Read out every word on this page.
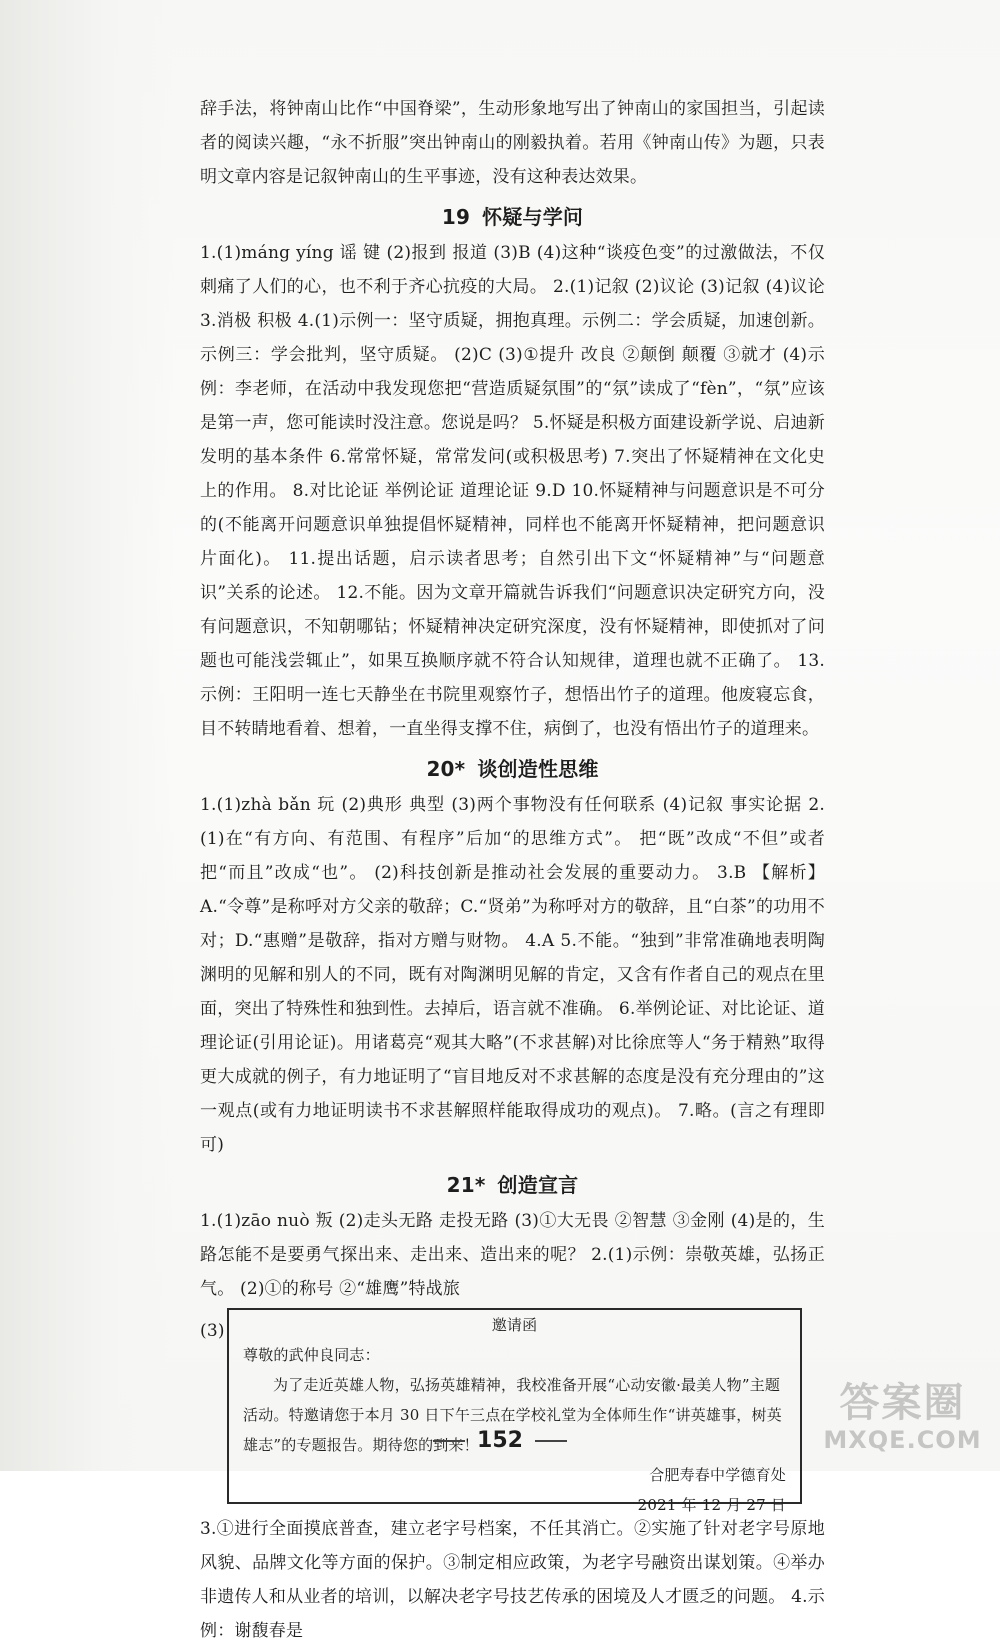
辞手法，将钟南山比作“中国脊梁”，生动形象地写出了钟南山的家国担当，引起读者的阅读兴趣，“永不折服”突出钟南山的刚毅执着。若用《钟南山传》为题，只表明文章内容是记叙钟南山的生平事迹，没有这种表达效果。

19 怀疑与学问

1.(1)máng yíng 谣 键 (2)报到 报道 (3)B (4)这种“谈疫色变”的过激做法，不仅刺痛了人们的心，也不利于齐心抗疫的大局。 2.(1)记叙 (2)议论 (3)记叙 (4)议论 3.消极 积极 4.(1)示例一：坚守质疑，拥抱真理。示例二：学会质疑，加速创新。示例三：学会批判，坚守质疑。 (2)C (3)①提升 改良 ②颠倒 颠覆 ③就才 (4)示例：李老师，在活动中我发现您把“营造质疑氛围”的“氛”读成了“fèn”，“氛”应该是第一声，您可能读时没注意。您说是吗？ 5.怀疑是积极方面建设新学说、启迪新发明的基本条件 6.常常怀疑，常常发问(或积极思考) 7.突出了怀疑精神在文化史上的作用。 8.对比论证 举例论证 道理论证 9.D 10.怀疑精神与问题意识是不可分的(不能离开问题意识单独提倡怀疑精神，同样也不能离开怀疑精神，把问题意识片面化)。 11.提出话题，启示读者思考；自然引出下文“怀疑精神”与“问题意识”关系的论述。 12.不能。因为文章开篇就告诉我们“问题意识决定研究方向，没有问题意识，不知朝哪钻；怀疑精神决定研究深度，没有怀疑精神，即使抓对了问题也可能浅尝辄止”，如果互换顺序就不符合认知规律，道理也就不正确了。 13.示例：王阳明一连七天静坐在书院里观察竹子，想悟出竹子的道理。他废寝忘食，目不转睛地看着、想着，一直坐得支撑不住，病倒了，也没有悟出竹子的道理来。

20* 谈创造性思维

1.(1)zhà bǎn 玩 (2)典形 典型 (3)两个事物没有任何联系 (4)记叙 事实论据 2.(1)在“有方向、有范围、有程序”后加“的思维方式”。 把“既”改成“不但”或者把“而且”改成“也”。 (2)科技创新是推动社会发展的重要动力。 3.B 【解析】A.“令尊”是称呼对方父亲的敬辞；C.“贤弟”为称呼对方的敬辞，且“白茶”的功用不对；D.“惠赠”是敬辞，指对方赠与财物。 4.A 5.不能。“独到”非常准确地表明陶渊明的见解和别人的不同，既有对陶渊明见解的肯定，又含有作者自己的观点在里面，突出了特殊性和独到性。去掉后，语言就不准确。 6.举例论证、对比论证、道理论证(引用论证)。用诸葛亮“观其大略”(不求甚解)对比徐庶等人“务于精熟”取得更大成就的例子，有力地证明了“盲目地反对不求甚解的态度是没有充分理由的”这一观点(或有力地证明读书不求甚解照样能取得成功的观点)。 7.略。(言之有理即可)

21* 创造宣言

1.(1)zāo nuò 叛 (2)走头无路 走投无路 (3)①大无畏 ②智慧 ③金刚 (4)是的，生路怎能不是要勇气探出来、走出来、造出来的呢？ 2.(1)示例：崇敬英雄，弘扬正气。 (2)①的称号 ②“雄鹰”特战旅

(3)	邀请函

尊敬的武仲良同志：

为了走近英雄人物，弘扬英雄精神，我校准备开展“心动安徽·最美人物”主题活动。特邀请您于本月 30 日下午三点在学校礼堂为全体师生作“讲英雄事，树英雄志”的专题报告。期待您的到来！

合肥寿春中学德育处

2021 年 12 月 27 日

3.①进行全面摸底普查，建立老字号档案，不任其消亡。②实施了针对老字号原地风貌、品牌文化等方面的保护。③制定相应政策，为老字号融资出谋划策。④举办非遗传人和从业者的培训，以解决老字号技艺传承的困境及人才匮乏的问题。 4.示例：谢馥春是

152
答案圈
MXQE.COM
